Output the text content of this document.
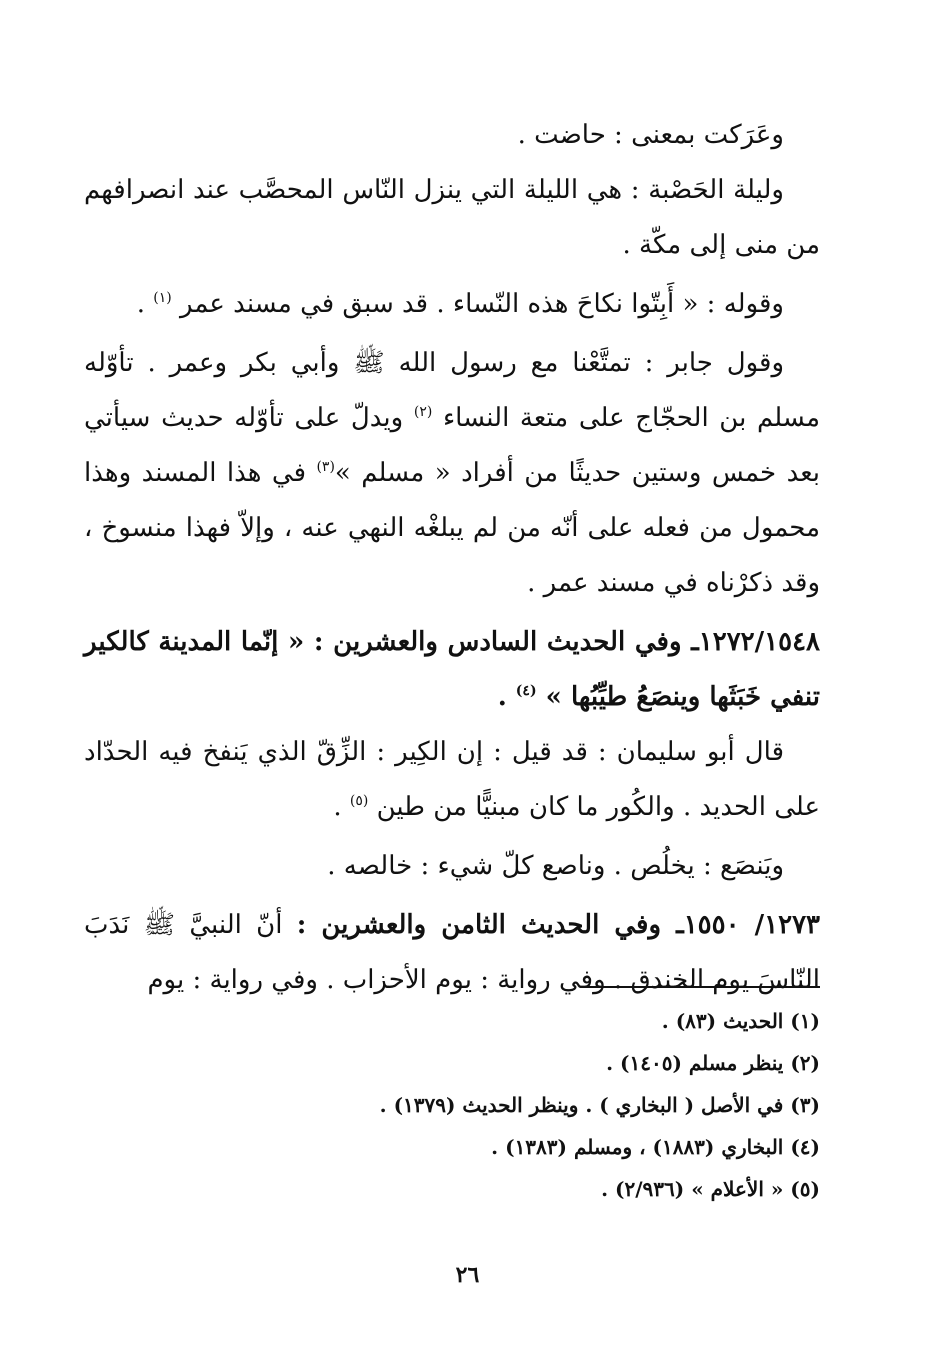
وعَرَكت بمعنى : حاضت .

وليلة الحَصْبة : هي الليلة التي ينزل النّاس المحصَّب عند انصرافهم من منى إلى مكّة .

وقوله : « أَبِتّوا نكاحَ هذه النّساء . قد سبق في مسند عمر $^{(١)}$ .

وقول جابر : تمتَّعْنا مع رسول الله ﷺ وأبي بكر وعمر . تأوّله مسلم بن الحجّاج على متعة النساء $^{(٢)}$ ويدلّ على تأوّله حديث سيأتي بعد خمس وستين حديثًا من أفراد « مسلم »$^{(٣)}$ في هذا المسند وهذا محمول من فعله على أنّه من لم يبلغْه النهي عنه ، وإلاّ فهذا منسوخ ، وقد ذكرْناه في مسند عمر .

١٢٧٢/١٥٤٨ـ وفي الحديث السادس والعشرين : « إنّما المدينة كالكير تنفي خَبَثَها وينصَعُ طيِّبُها » $^{(٤)}$ .

قال أبو سليمان : قد قيل : إن الكِير : الزِّقّ الذي يَنفخ فيه الحدّاد على الحديد . والكُور ما كان مبنيًّا من طين $^{(٥)}$ .

ويَنصَع : يخلُص . وناصع كلّ شيء : خالصه .

١٢٧٣/ ١٥٥٠ـ وفي الحديث الثامن والعشرين : أنّ النبيَّ ﷺ نَدَبَ النّاسَ يوم الخندق . وفي رواية : يوم الأحزاب . وفي رواية : يوم

(١) الحديث (٨٣) .

(٢) ينظر مسلم (١٤٠٥) .

(٣) في الأصل ( البخاري ) . وينظر الحديث (١٣٧٩) .

(٤) البخاري (١٨٨٣) ، ومسلم (١٣٨٣) .

(٥) « الأعلام » (٢/٩٣٦) .

٢٦
